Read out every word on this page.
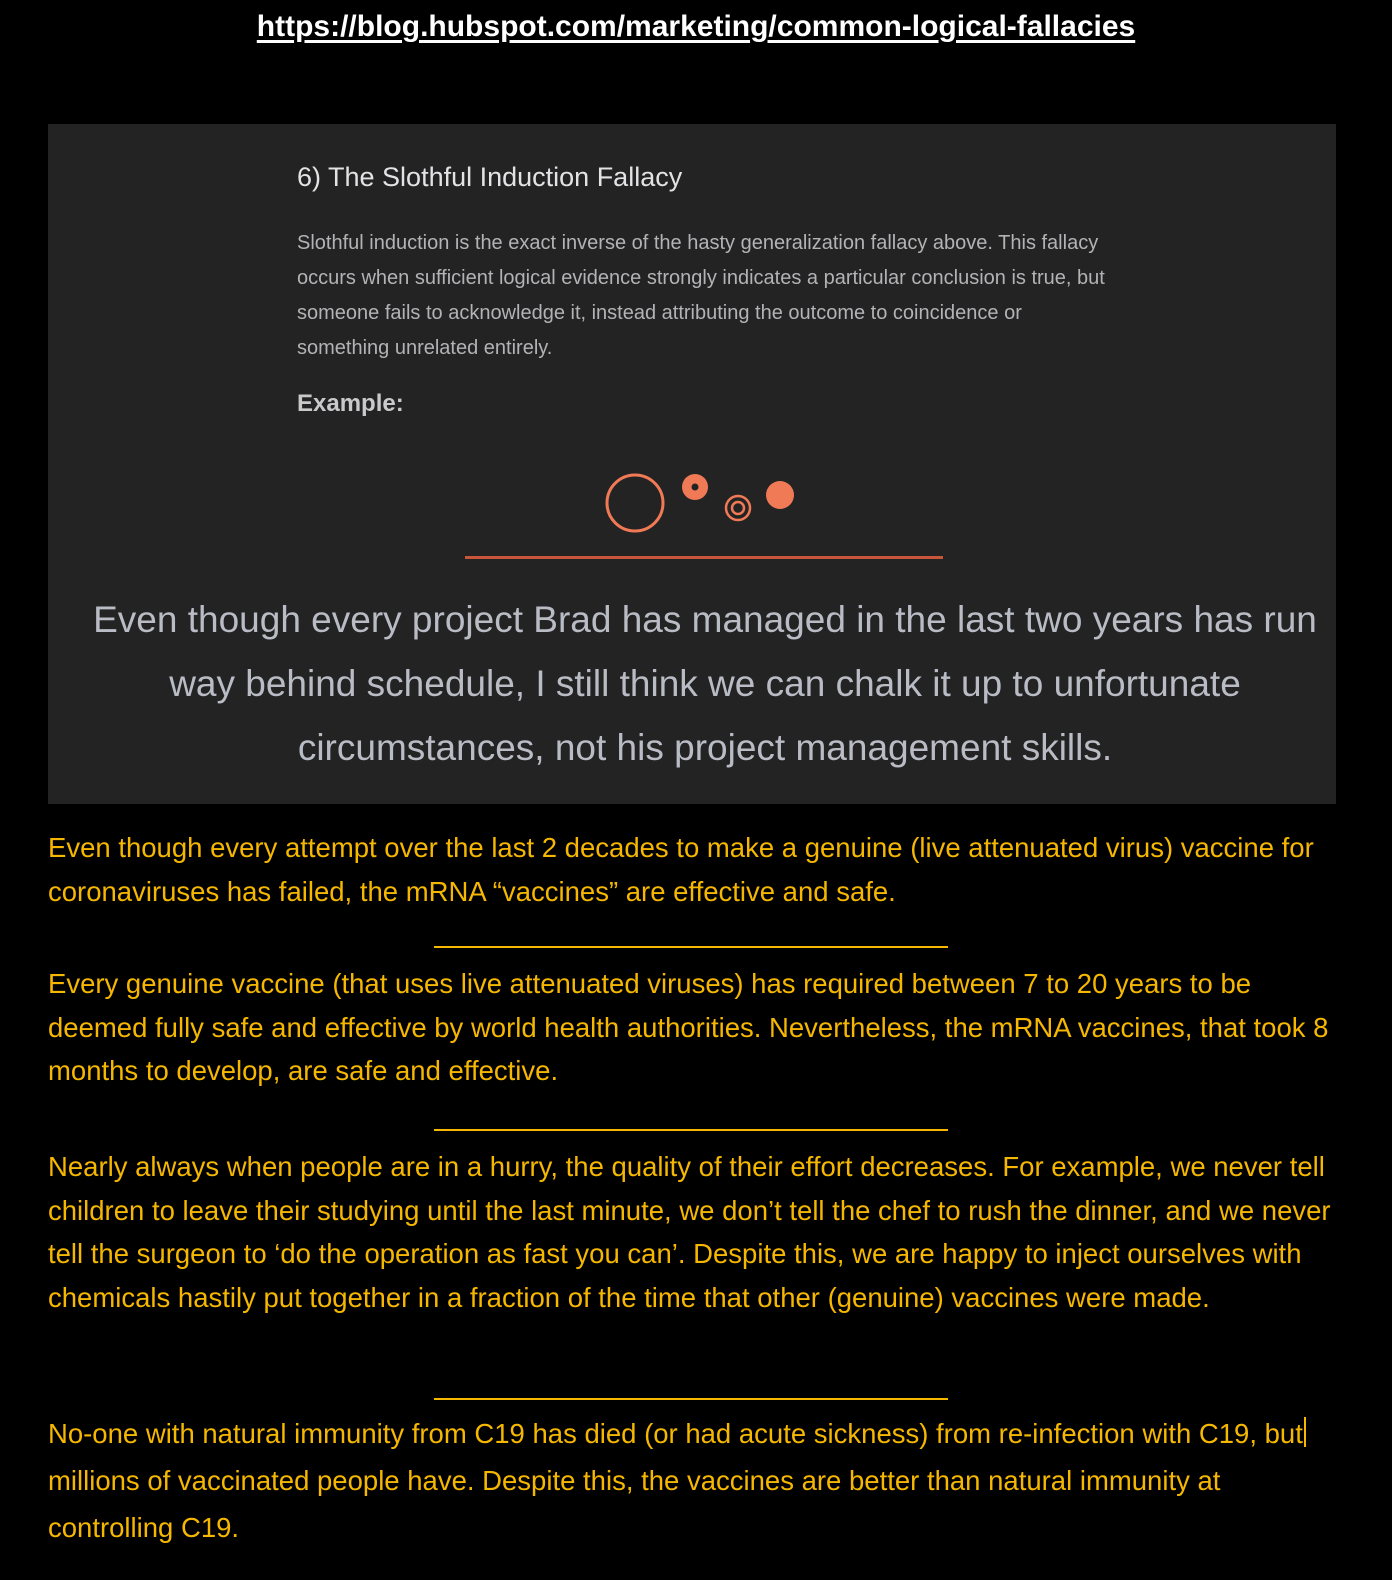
https://blog.hubspot.com/marketing/common-logical-fallacies
6) The Slothful Induction Fallacy
Slothful induction is the exact inverse of the hasty generalization fallacy above. This fallacy occurs when sufficient logical evidence strongly indicates a particular conclusion is true, but someone fails to acknowledge it, instead attributing the outcome to coincidence or something unrelated entirely.
Example:
Even though every project Brad has managed in the last two years has run way behind schedule, I still think we can chalk it up to unfortunate circumstances, not his project management skills.
Even though every attempt over the last 2 decades to make a genuine (live attenuated virus) vaccine for coronaviruses has failed, the mRNA “vaccines” are effective and safe.
Every genuine vaccine (that uses live attenuated viruses) has required between 7 to 20 years to be deemed fully safe and effective by world health authorities. Nevertheless, the mRNA vaccines, that took 8 months to develop, are safe and effective.
Nearly always when people are in a hurry, the quality of their effort decreases. For example, we never tell children to leave their studying until the last minute, we don’t tell the chef to rush the dinner, and we never tell the surgeon to ‘do the operation as fast you can’. Despite this, we are happy to inject ourselves with chemicals hastily put together in a fraction of the time that other (genuine) vaccines were made.
No-one with natural immunity from C19 has died (or had acute sickness) from re-infection with C19, but millions of vaccinated people have. Despite this, the vaccines are better than natural immunity at controlling C19.
